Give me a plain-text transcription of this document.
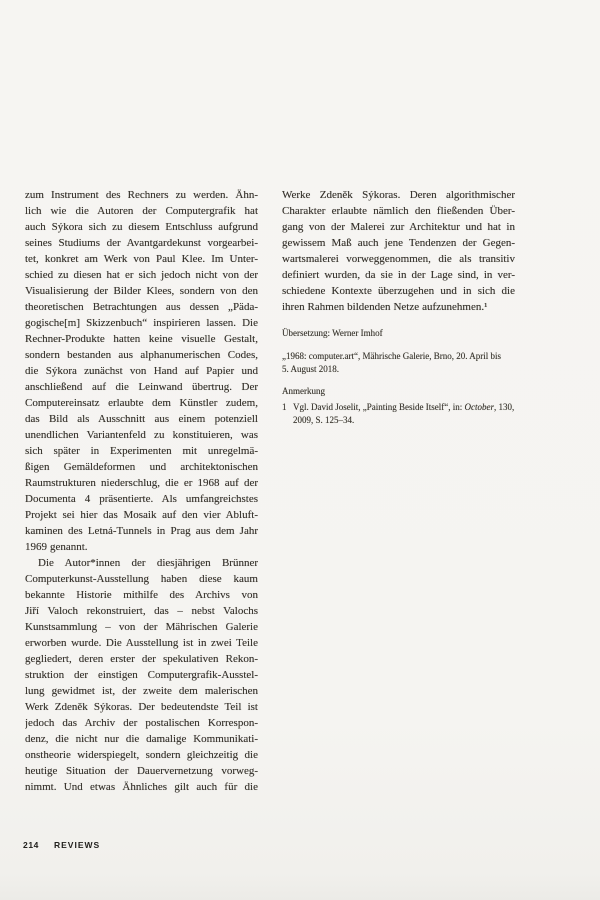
zum Instrument des Rechners zu werden. Ähn-
lich wie die Autoren der Computergrafik hat
auch Sýkora sich zu diesem Entschluss aufgrund
seines Studiums der Avantgardekunst vorgearbei-
tet, konkret am Werk von Paul Klee. Im Unter-
schied zu diesen hat er sich jedoch nicht von der
Visualisierung der Bilder Klees, sondern von den
theoretischen Betrachtungen aus dessen „Päda-
gogische[m] Skizzenbuch“ inspirieren lassen. Die
Rechner-Produkte hatten keine visuelle Gestalt,
sondern bestanden aus alphanumerischen Codes,
die Sýkora zunächst von Hand auf Papier und
anschließend auf die Leinwand übertrug. Der
Computereinsatz erlaubte dem Künstler zudem,
das Bild als Ausschnitt aus einem potenziell
unendlichen Variantenfeld zu konstituieren, was
sich später in Experimenten mit unregelmä-
ßigen Gemäldeformen und architektonischen
Raumstrukturen niederschlug, die er 1968 auf der
Documenta 4 präsentierte. Als umfangreichstes
Projekt sei hier das Mosaik auf den vier Abluft-
kaminen des Letná-Tunnels in Prag aus dem Jahr
1969 genannt.
Die Autor*innen der diesjährigen Brünner
Computerkunst-Ausstellung haben diese kaum
bekannte Historie mithilfe des Archivs von
Jiří Valoch rekonstruiert, das – nebst Valochs
Kunstsammlung – von der Mährischen Galerie
erworben wurde. Die Ausstellung ist in zwei Teile
gegliedert, deren erster der spekulativen Rekon-
struktion der einstigen Computergrafik-Ausstel-
lung gewidmet ist, der zweite dem malerischen
Werk Zdeněk Sýkoras. Der bedeutendste Teil ist
jedoch das Archiv der postalischen Korrespon-
denz, die nicht nur die damalige Kommunikati-
onstheorie widerspiegelt, sondern gleichzeitig die
heutige Situation der Dauervernetzung vorweg-
nimmt. Und etwas Ähnliches gilt auch für die
Werke Zdeněk Sýkoras. Deren algorithmischer
Charakter erlaubte nämlich den fließenden Über-
gang von der Malerei zur Architektur und hat in
gewissem Maß auch jene Tendenzen der Gegen-
wartsmalerei vorweggenommen, die als transitiv
definiert wurden, da sie in der Lage sind, in ver-
schiedene Kontexte überzugehen und in sich die
ihren Rahmen bildenden Netze aufzunehmen.¹
Übersetzung: Werner Imhof
„1968: computer.art“, Mährische Galerie, Brno, 20. April bis
5. August 2018.
Anmerkung
1 Vgl. David Joselit, „Painting Beside Itself“, in: October, 130,
2009, S. 125–34.
214 REVIEWS
